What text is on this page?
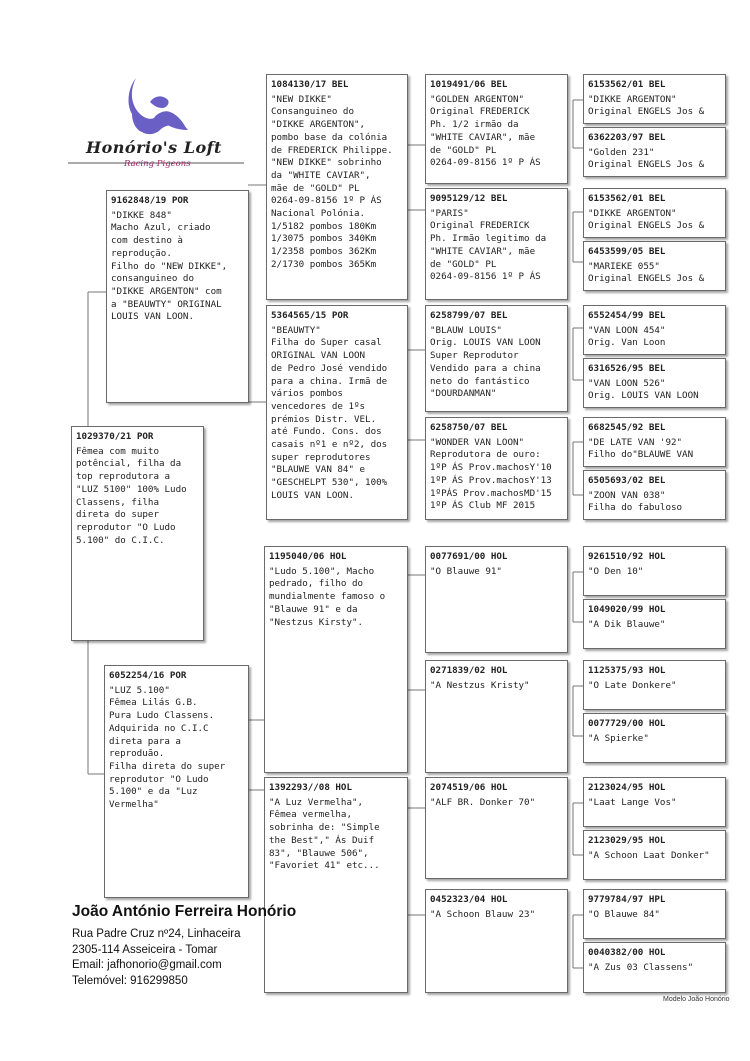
Honório's Loft
Racing Pigeons
1029370/21 POR
Fêmea com muito
potêncial, filha da
top reprodutora a
"LUZ 5100" 100% Ludo
Classens, filha
direta do super
reprodutor "O Ludo
5.100" do C.I.C.
9162848/19 POR
"DIKKE 848"
Macho Azul, criado
com destino à
reprodução.
Filho do "NEW DIKKE",
consanguineo do
"DIKKE ARGENTON" com
a "BEAUWTY" ORIGINAL
LOUIS VAN LOON.
6052254/16 POR
"LUZ 5.100"
Fêmea Lilás G.B.
Pura Ludo Classens.
Adquirida no C.I.C
direta para a
reproduão.
Filha direta do super
reprodutor "O Ludo
5.100" e da "Luz
Vermelha"
1084130/17 BEL
"NEW DIKKE"
Consanguineo do
"DIKKE ARGENTON",
pombo base da colónia
de FREDERICK Philippe.
"NEW DIKKE" sobrinho
da "WHITE CAVIAR",
mãe de "GOLD" PL
0264-09-8156 1º P ÁS
Nacional Polónia.
1/5182 pombos 180Km
1/3075 pombos 340Km
1/2358 pombos 362Km
2/1730 pombos 365Km
5364565/15 POR
"BEAUWTY"
Filha do Super casal
ORIGINAL VAN LOON
de Pedro José vendido
para a china. Irmã de
vários pombos
vencedores de 1ºs
prémios Distr. VEL.
até Fundo. Cons. dos
casais nº1 e nº2, dos
super reprodutores
"BLAUWE VAN 84" e
"GESCHELPT 530", 100%
LOUIS VAN LOON.
1195040/06 HOL
"Ludo 5.100", Macho
pedrado, filho do
mundialmente famoso o
"Blauwe 91" e da
"Nestzus Kirsty".
1392293//08 HOL
"A Luz Vermelha",
Fêmea vermelha,
sobrinha de: "Simple
the Best"," Ás Duif
83", "Blauwe 506",
"Favoriet 41" etc...
1019491/06 BEL
"GOLDEN ARGENTON"
Original FREDERICK
Ph. 1/2 irmão da
"WHITE CAVIAR", mãe
de "GOLD" PL
0264-09-8156 1º P ÁS
9095129/12 BEL
"PARIS"
Original FREDERICK
Ph. Irmão legitimo da
"WHITE CAVIAR", mãe
de "GOLD" PL
0264-09-8156 1º P ÁS
6258799/07 BEL
"BLAUW LOUIS"
Orig. LOUIS VAN LOON
Super Reprodutor
Vendido para a china
neto do fantástico
"DOURDANMAN"
6258750/07 BEL
"WONDER VAN LOON"
Reprodutora de ouro:
1ºP ÁS Prov.machosY'10
1ºP ÁS Prov.machosY'13
1ºPÁS Prov.machosMD'15
1ºP ÁS Club MF 2015
0077691/00 HOL
"O Blauwe 91"
0271839/02 HOL
"A Nestzus Kristy"
2074519/06 HOL
"ALF BR. Donker 70"
0452323/04 HOL
"A Schoon Blauw 23"
6153562/01 BEL
"DIKKE ARGENTON"
Original ENGELS Jos &
6362203/97 BEL
"Golden 231"
Original ENGELS Jos &
6153562/01 BEL
"DIKKE ARGENTON"
Original ENGELS Jos &
6453599/05 BEL
"MARIEKE 055"
Original ENGELS Jos &
6552454/99 BEL
"VAN LOON 454"
Orig. Van Loon
6316526/95 BEL
"VAN LOON 526"
Orig. LOUIS VAN LOON
6682545/92 BEL
"DE LATE VAN '92"
Filho do"BLAUWE VAN
6505693/02 BEL
"ZOON VAN 038"
Filha do fabuloso
9261510/92 HOL
"O Den 10"
1049020/99 HOL
"A Dik Blauwe"
1125375/93 HOL
"O Late Donkere"
0077729/00 HOL
"A Spierke"
2123024/95 HOL
"Laat Lange Vos"
2123029/95 HOL
"A Schoon Laat Donker"
9779784/97 HPL
"O Blauwe 84"
0040382/00 HOL
"A Zus 03 Classens"
João António Ferreira Honório
Rua Padre Cruz nº24, Linhaceira
2305-114 Asseiceira - Tomar
Email: jafhonorio@gmail.com
Telemóvel: 916299850
Modelo João Honório
